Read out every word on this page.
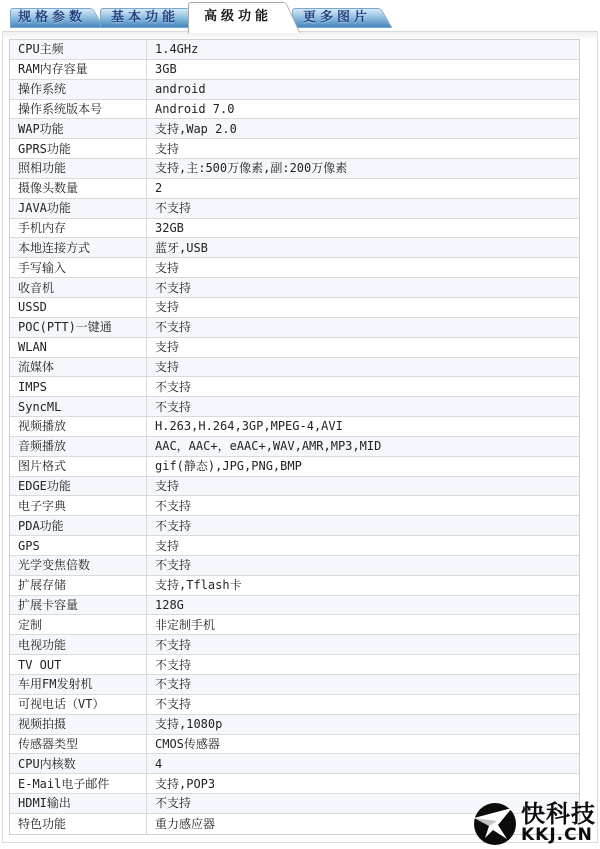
规格参数	基本功能	高级功能	更多图片
CPU主频	1.4GHz
RAM内存容量	3GB
操作系统	android
操作系统版本号	Android 7.0
WAP功能	支持,Wap 2.0
GPRS功能	支持
照相功能	支持,主:500万像素,副:200万像素
摄像头数量	2
JAVA功能	不支持
手机内存	32GB
本地连接方式	蓝牙,USB
手写输入	支持
收音机	不支持
USSD	支持
POC(PTT)一键通	不支持
WLAN	支持
流媒体	支持
IMPS	不支持
SyncML	不支持
视频播放	H.263,H.264,3GP,MPEG-4,AVI
音频播放	AAC，AAC+，eAAC+,WAV,AMR,MP3,MID
图片格式	gif(静态),JPG,PNG,BMP
EDGE功能	支持
电子字典	不支持
PDA功能	不支持
GPS	支持
光学变焦倍数	不支持
扩展存储	支持,Tflash卡
扩展卡容量	128G
定制	非定制手机
电视功能	不支持
TV OUT	不支持
车用FM发射机	不支持
可视电话（VT）	不支持
视频拍摄	支持,1080p
传感器类型	CMOS传感器
CPU内核数	4
E-Mail电子邮件	支持,POP3
HDMI输出	不支持
特色功能	重力感应器	快科技
KKJ.CN
